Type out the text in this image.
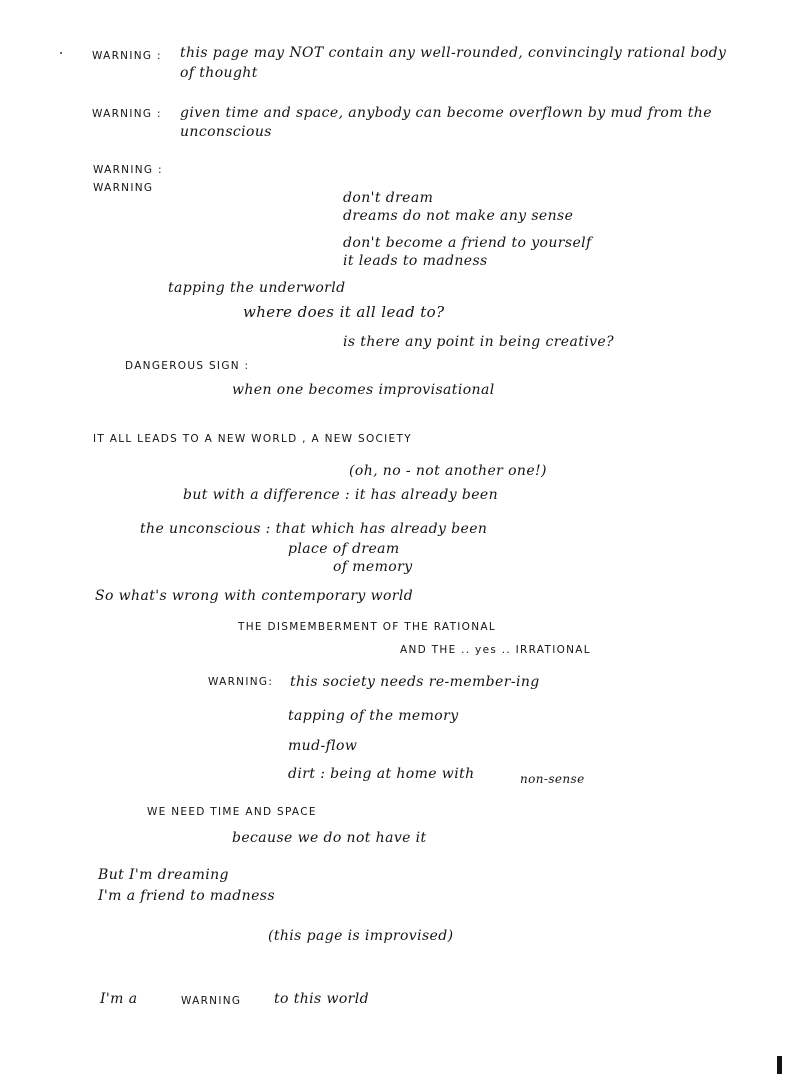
WARNING : this page may NOT contain any well-rounded, convincingly rational body
of thought
WARNING : given time and space, anybody can become overflown by mud from the
unconscious
WARNING :
WARNING
don't dream
dreams do not make any sense
don't become a friend to yourself
it leads to madness
tapping the underworld
where does it all lead to?
is there any point in being creative?
DANGEROUS SIGN :
when one becomes improvisational
IT ALL LEADS TO A NEW WORLD , A NEW SOCIETY
(oh, no - not another one!)
but with a difference : it has already been
the unconscious : that which has already been
place of dream
of memory
So what's wrong with contemporary world
THE DISMEMBERMENT OF THE RATIONAL
AND THE .. yes .. IRRATIONAL
WARNING: this society needs re-member-ing
tapping of the memory
mud-flow
dirt : being at home with	non-sense
WE NEED TIME AND SPACE
because we do not have it
But I'm dreaming
I'm a friend to madness
(this page is improvised)
I'm a	WARNING to this world
